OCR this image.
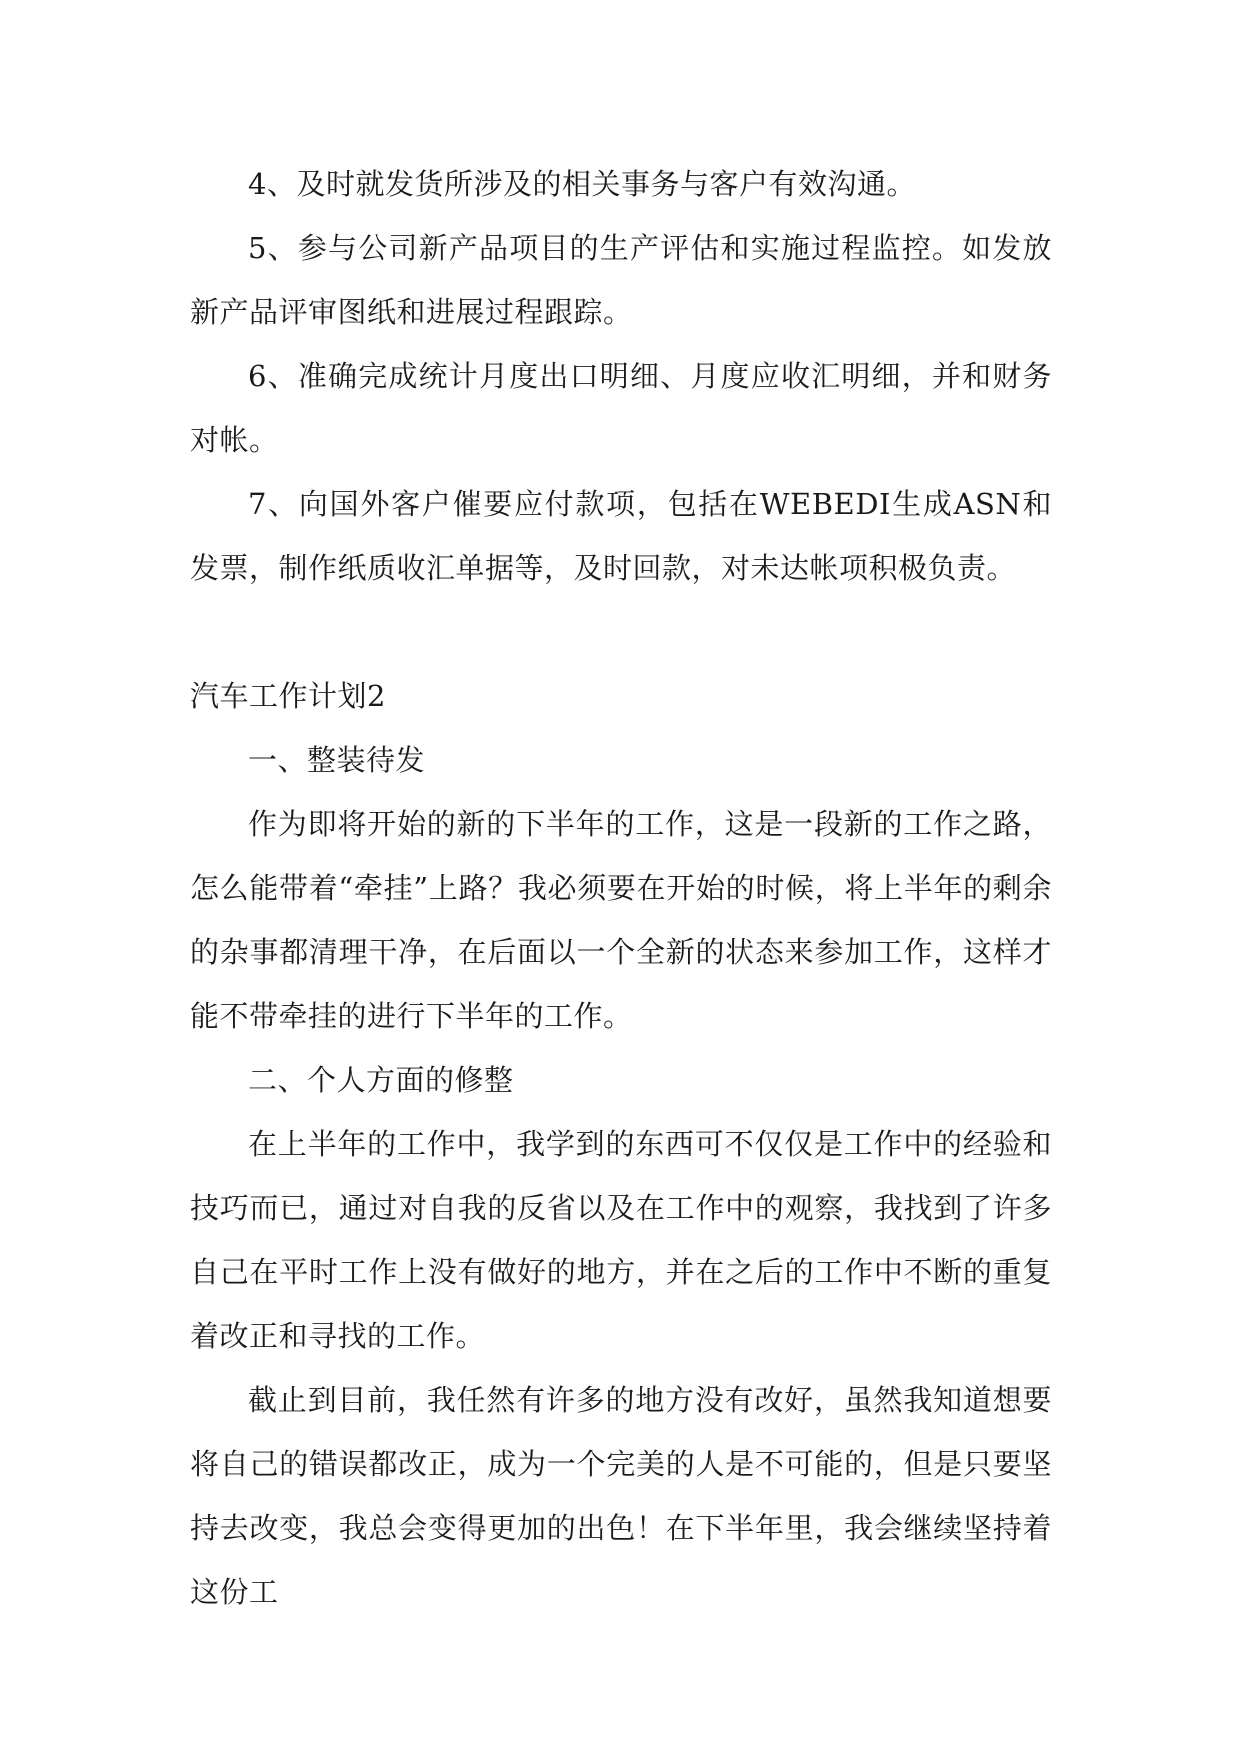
4、及时就发货所涉及的相关事务与客户有效沟通。

5、参与公司新产品项目的生产评估和实施过程监控。如发放新产品评审图纸和进展过程跟踪。

6、准确完成统计月度出口明细、月度应收汇明细，并和财务对帐。

7、向国外客户催要应付款项，包括在WEBEDI生成ASN和发票，制作纸质收汇单据等，及时回款，对未达帐项积极负责。

汽车工作计划2

一、整装待发

作为即将开始的新的下半年的工作，这是一段新的工作之路，怎么能带着“牵挂”上路？我必须要在开始的时候，将上半年的剩余的杂事都清理干净，在后面以一个全新的状态来参加工作，这样才能不带牵挂的进行下半年的工作。

二、个人方面的修整

在上半年的工作中，我学到的东西可不仅仅是工作中的经验和技巧而已，通过对自我的反省以及在工作中的观察，我找到了许多自己在平时工作上没有做好的地方，并在之后的工作中不断的重复着改正和寻找的工作。

截止到目前，我任然有许多的地方没有改好，虽然我知道想要将自己的错误都改正，成为一个完美的人是不可能的，但是只要坚持去改变，我总会变得更加的出色！在下半年里，我会继续坚持着这份工
